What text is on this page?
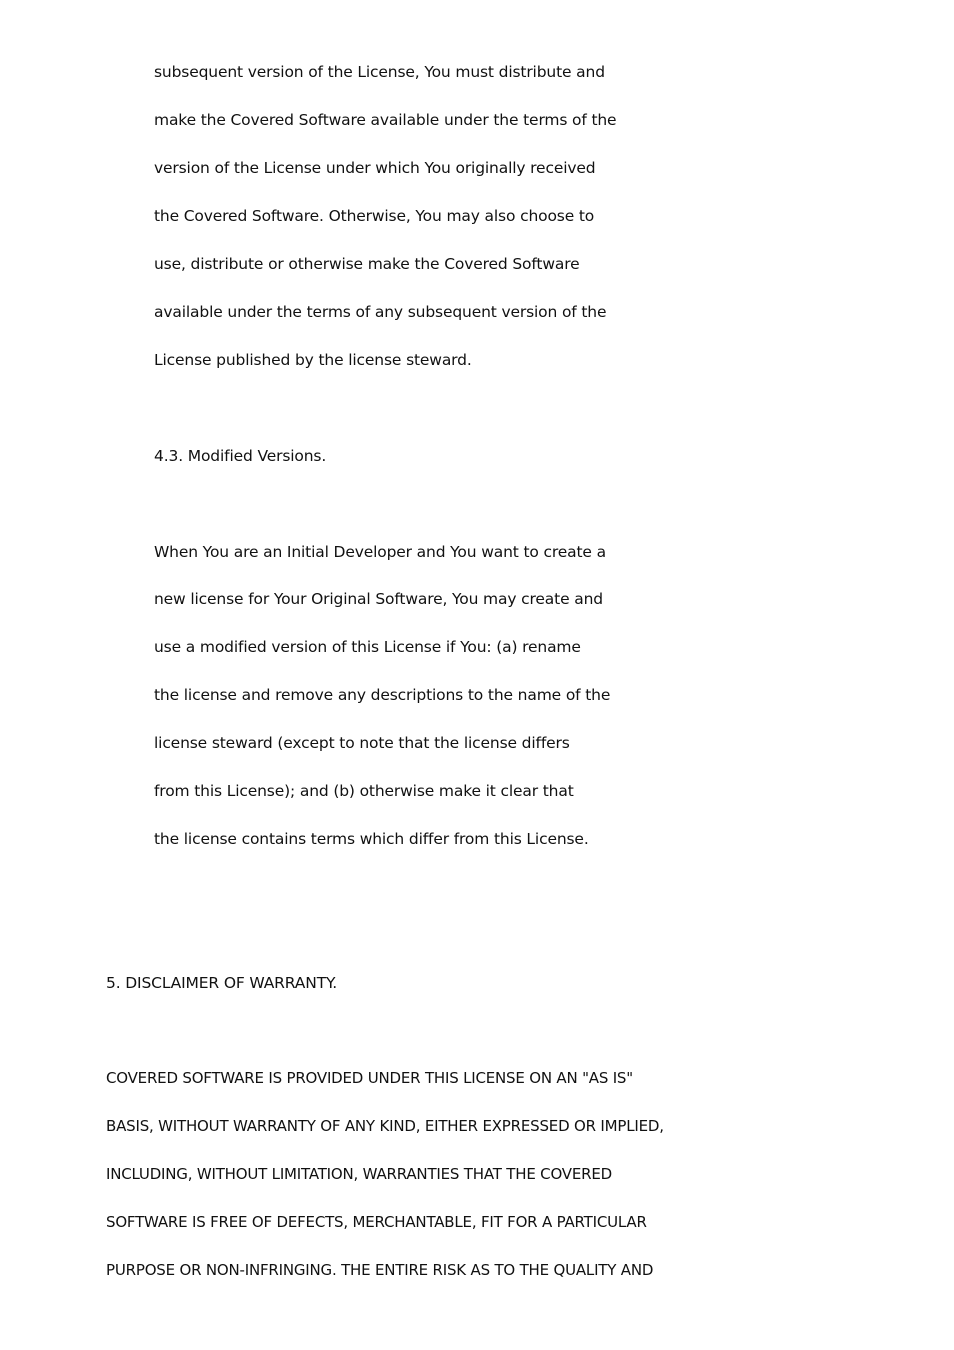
subsequent version of the License, You must distribute and
make the Covered Software available under the terms of the
version of the License under which You originally received
the Covered Software. Otherwise, You may also choose to
use, distribute or otherwise make the Covered Software
available under the terms of any subsequent version of the
License published by the license steward.
4.3. Modified Versions.
When You are an Initial Developer and You want to create a
new license for Your Original Software, You may create and
use a modified version of this License if You: (a) rename
the license and remove any descriptions to the name of the
license steward (except to note that the license differs
from this License); and (b) otherwise make it clear that
the license contains terms which differ from this License.
5. DISCLAIMER OF WARRANTY.
COVERED SOFTWARE IS PROVIDED UNDER THIS LICENSE ON AN "AS IS"
BASIS, WITHOUT WARRANTY OF ANY KIND, EITHER EXPRESSED OR IMPLIED,
INCLUDING, WITHOUT LIMITATION, WARRANTIES THAT THE COVERED
SOFTWARE IS FREE OF DEFECTS, MERCHANTABLE, FIT FOR A PARTICULAR
PURPOSE OR NON-INFRINGING. THE ENTIRE RISK AS TO THE QUALITY AND
